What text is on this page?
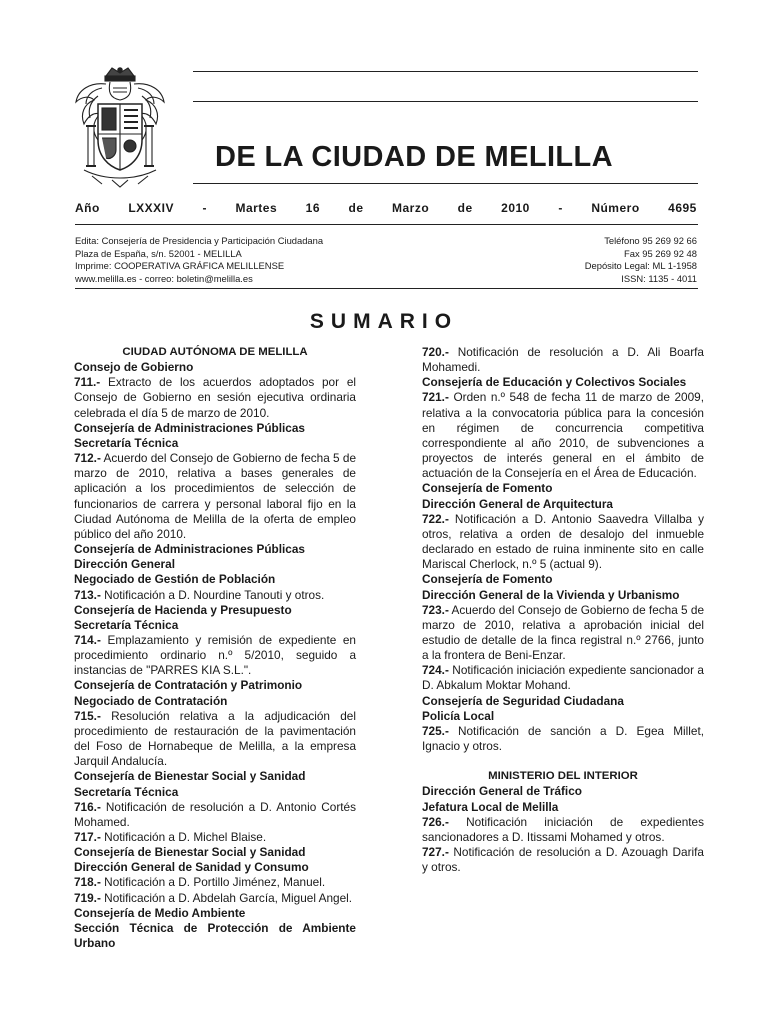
DE LA CIUDAD DE MELILLA
Año LXXXIV - Martes 16 de Marzo de 2010 - Número 4695
Edita: Consejería de Presidencia y Participación Ciudadana
Plaza de España, s/n. 52001 - MELILLA
Imprime: COOPERATIVA GRÁFICA MELILLENSE
www.melilla.es - correo: boletin@melilla.es
Teléfono 95 269 92 66
Fax 95 269 92 48
Depósito Legal: ML 1-1958
ISSN: 1135 - 4011
SUMARIO

CIUDAD AUTÓNOMA DE MELILLA

Consejo de Gobierno

711.- Extracto de los acuerdos adoptados por el Consejo de Gobierno en sesión ejecutiva ordinaria celebrada el día 5 de marzo de 2010.

Consejería de Administraciones Públicas

Secretaría Técnica

712.- Acuerdo del Consejo de Gobierno de fecha 5 de marzo de 2010, relativa a bases generales de aplicación a los procedimientos de selección de funcionarios de carrera y personal laboral fijo en la Ciudad Autónoma de Melilla de la oferta de empleo público del año 2010.

Consejería de Administraciones Públicas

Dirección General

Negociado de Gestión de Población

713.- Notificación a D. Nourdine Tanouti y otros.

Consejería de Hacienda y Presupuesto

Secretaría Técnica

714.- Emplazamiento y remisión de expediente en procedimiento ordinario n.º 5/2010, seguido a instancias de "PARRES KIA S.L.".

Consejería de Contratación y Patrimonio

Negociado de Contratación

715.- Resolución relativa a la adjudicación del procedimiento de restauración de la pavimentación del Foso de Hornabeque de Melilla, a la empresa Jarquil Andalucía.

Consejería de Bienestar Social y Sanidad

Secretaría Técnica

716.- Notificación de resolución a D. Antonio Cortés Mohamed.

717.- Notificación a D. Michel Blaise.

Consejería de Bienestar Social y Sanidad

Dirección General de Sanidad y Consumo

718.- Notificación a D. Portillo Jiménez, Manuel.

719.- Notificación a D. Abdelah García, Miguel Angel.

Consejería de Medio Ambiente

Sección Técnica de Protección de Ambiente Urbano

720.- Notificación de resolución a D. Ali Boarfa Mohamedi.

Consejería de Educación y Colectivos Sociales

721.- Orden n.º 548 de fecha 11 de marzo de 2009, relativa a la convocatoria pública para la concesión en régimen de concurrencia competitiva correspondiente al año 2010, de subvenciones a proyectos de interés general en el ámbito de actuación de la Consejería en el Área de Educación.

Consejería de Fomento

Dirección General de Arquitectura

722.- Notificación a D. Antonio Saavedra Villalba y otros, relativa a orden de desalojo del inmueble declarado en estado de ruina inminente sito en calle Mariscal Cherlock, n.º 5 (actual 9).

Consejería de Fomento

Dirección General de la Vivienda y Urbanismo

723.- Acuerdo del Consejo de Gobierno de fecha 5 de marzo de 2010, relativa a aprobación inicial del estudio de detalle de la finca registral n.º 2766, junto a la frontera de Beni-Enzar.

724.- Notificación iniciación expediente sancionador a D. Abkalum Moktar Mohand.

Consejería de Seguridad Ciudadana

Policía Local

725.- Notificación de sanción a D. Egea Millet, Ignacio y otros.

MINISTERIO DEL INTERIOR

Dirección General de Tráfico

Jefatura Local de Melilla

726.- Notificación iniciación de expedientes sancionadores a D. Itissami Mohamed y otros.

727.- Notificación de resolución a D. Azouagh Darifa y otros.
